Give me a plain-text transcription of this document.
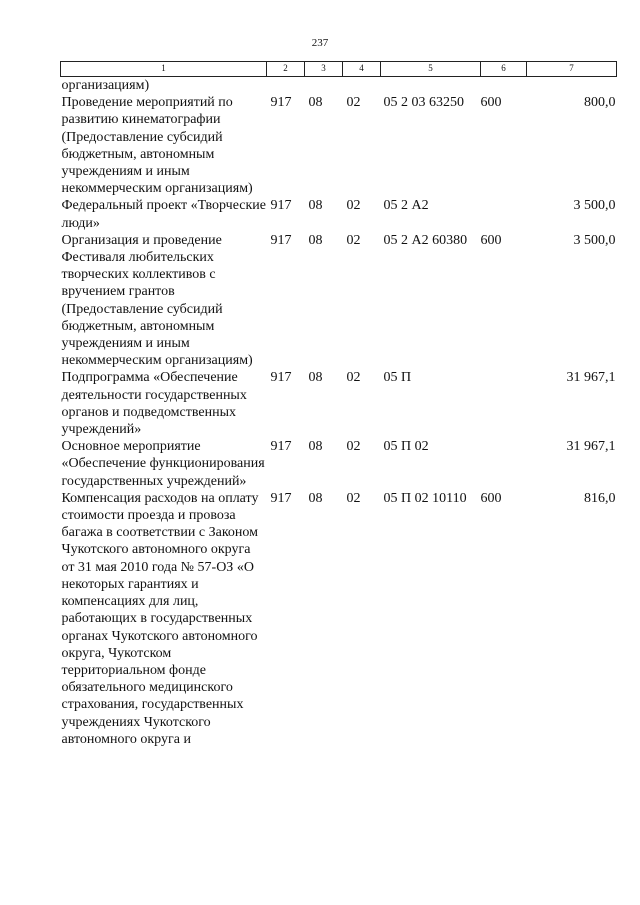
237
1	2	3	4	5	6	7
организациям)						
Проведение мероприятий по развитию кинематографии (Предоставление субсидий бюджетным, автономным учреждениям и иным некоммерческим организациям)	917	08	02	05 2 03 63250	600	800,0
Федеральный проект «Творческие люди»	917	08	02	05 2 А2		3 500,0
Организация и проведение Фестиваля любительских творческих коллективов с вручением грантов (Предоставление субсидий бюджетным, автономным учреждениям и иным некоммерческим организациям)	917	08	02	05 2 А2 60380	600	3 500,0
Подпрограмма «Обеспечение деятельности государственных органов и подведомственных учреждений»	917	08	02	05 П		31 967,1
Основное мероприятие «Обеспечение функционирования государственных учреждений»	917	08	02	05 П 02		31 967,1
Компенсация расходов на оплату стоимости проезда и провоза багажа в соответствии с Законом Чукотского автономного округа от 31 мая 2010 года № 57-ОЗ «О некоторых гарантиях и компенсациях для лиц, работающих в государственных органах Чукотского автономного округа, Чукотском территориальном фонде обязательного медицинского страхования, государственных учреждениях Чукотского автономного округа и	917	08	02	05 П 02 10110	600	816,0
